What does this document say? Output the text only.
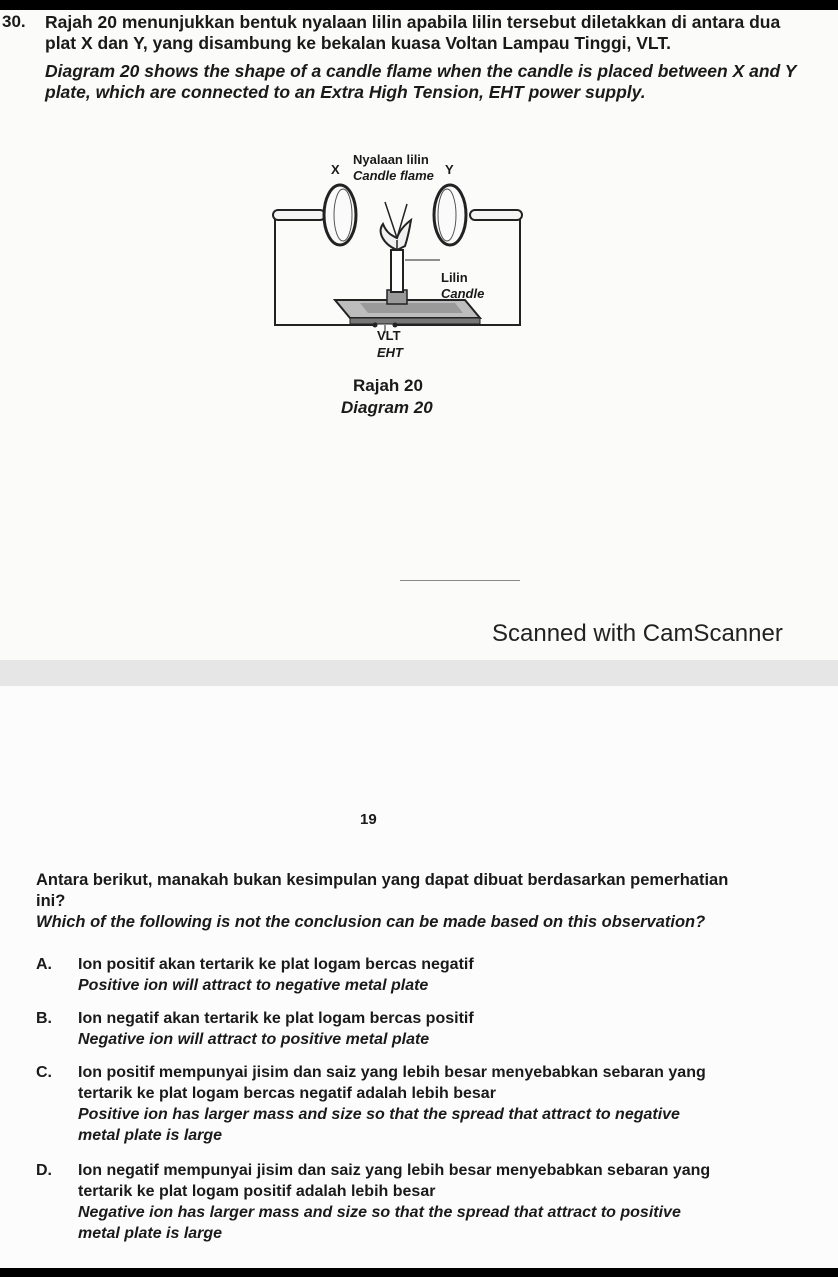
30. Rajah 20 menunjukkan bentuk nyalaan lilin apabila lilin tersebut diletakkan di antara dua plat X dan Y, yang disambung ke bekalan kuasa Voltan Lampau Tinggi, VLT.
Diagram 20 shows the shape of a candle flame when the candle is placed between X and Y plate, which are connected to an Extra High Tension, EHT power supply.
X	Y
Nyalaan lilin
Candle flame
Lilin
Candle
VLT
EHT
Rajah 20
Diagram 20
Scanned with CamScanner
19
Antara berikut, manakah bukan kesimpulan yang dapat dibuat berdasarkan pemerhatian ini?
Which of the following is not the conclusion can be made based on this observation?
A. Ion positif akan tertarik ke plat logam bercas negatif
Positive ion will attract to negative metal plate
B. Ion negatif akan tertarik ke plat logam bercas positif
Negative ion will attract to positive metal plate
C. Ion positif mempunyai jisim dan saiz yang lebih besar menyebabkan sebaran yang tertarik ke plat logam bercas negatif adalah lebih besar
Positive ion has larger mass and size so that the spread that attract to negative metal plate is large
D. Ion negatif mempunyai jisim dan saiz yang lebih besar menyebabkan sebaran yang tertarik ke plat logam positif adalah lebih besar
Negative ion has larger mass and size so that the spread that attract to positive metal plate is large
